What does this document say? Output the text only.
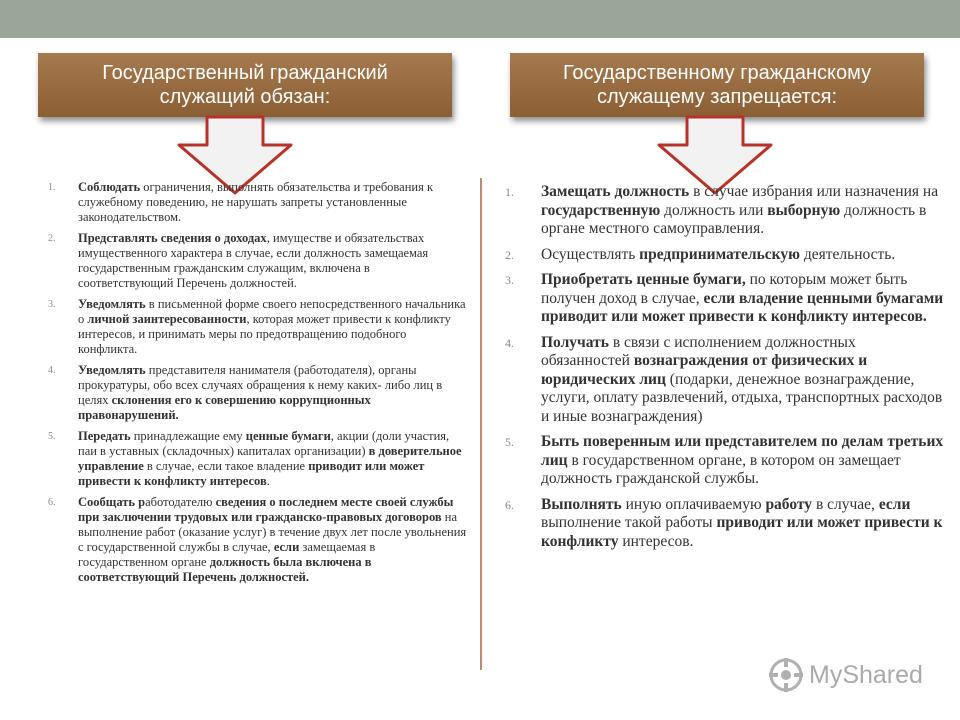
Государственный гражданский
служащий обязан:
Государственному гражданскому
служащему запрещается:
1.	Соблюдать ограничения, выполнять обязательства и требования к служебному поведению, не нарушать запреты установленные законодательством.
2.	Представлять сведения о доходах, имуществе и обязательствах имущественного характера в случае, если должность замещаемая государственным гражданским служащим, включена в соответствующий Перечень должностей.
3.	Уведомлять в письменной форме своего непосредственного начальника о личной заинтересованности, которая может привести к конфликту интересов, и принимать меры по предотвращению подобного конфликта.
4.	Уведомлять представителя нанимателя (работодателя), органы прокуратуры, обо всех случаях обращения к нему каких- либо лиц в целях склонения его к совершению коррупционных правонарушений.
5.	Передать принадлежащие ему ценные бумаги, акции (доли участия, паи в уставных (складочных) капиталах организации) в доверительное управление в случае, если такое владение приводит или может привести к конфликту интересов.
6.	Сообщать работодателю сведения о последнем месте своей службы при заключении трудовых или гражданско-правовых договоров на выполнение работ (оказание услуг) в течение двух лет после увольнения с государственной службы в случае, если замещаемая в государственном органе должность была включена в соответствующий Перечень должностей.
1.	Замещать должность в случае избрания или назначения на государственную должность или выборную должность в органе местного самоуправления.
2.	Осуществлять предпринимательскую деятельность.
3.	Приобретать ценные бумаги, по которым может быть получен доход в случае, если владение ценными бумагами приводит или может привести к конфликту интересов.
4.	Получать в связи с исполнением должностных обязанностей вознаграждения от физических и юридических лиц (подарки, денежное вознаграждение, услуги, оплату развлечений, отдыха, транспортных расходов и иные вознаграждения)
5.	Быть поверенным или представителем по делам третьих лиц в государственном органе, в котором он замещает должность гражданской службы.
6.	Выполнять иную оплачиваемую работу в случае, если выполнение такой работы приводит или может привести к конфликту интересов.
MyShared
